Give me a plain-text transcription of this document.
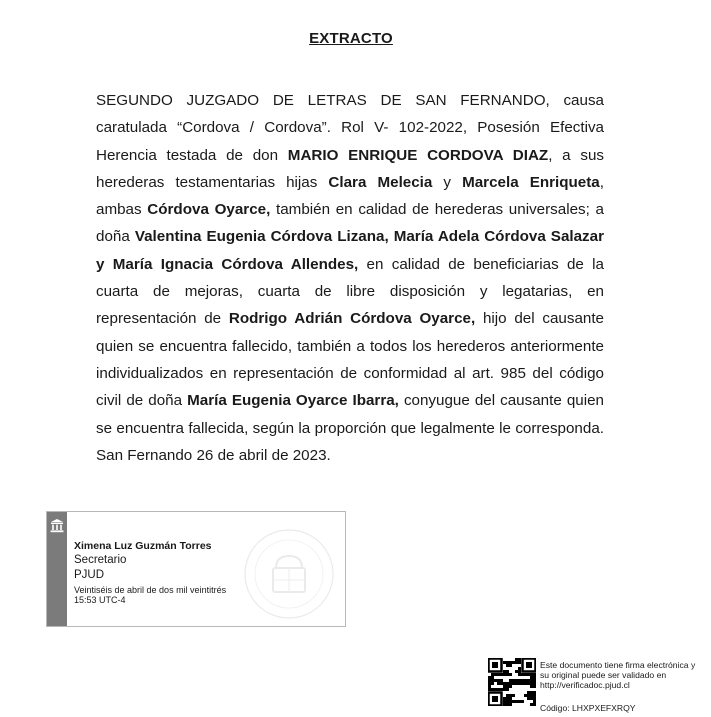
EXTRACTO
SEGUNDO JUZGADO DE LETRAS DE SAN FERNANDO, causa caratulada “Cordova / Cordova”. Rol V- 102-2022, Posesión Efectiva Herencia testada de don MARIO ENRIQUE CORDOVA DIAZ, a sus herederas testamentarias hijas Clara Melecia y Marcela Enriqueta, ambas Córdova Oyarce, también en calidad de herederas universales; a doña Valentina Eugenia Córdova Lizana, María Adela Córdova Salazar y María Ignacia Córdova Allendes, en calidad de beneficiarias de la cuarta de mejoras, cuarta de libre disposición y legatarias, en representación de Rodrigo Adrián Córdova Oyarce, hijo del causante quien se encuentra fallecido, también a todos los herederos anteriormente individualizados en representación de conformidad al art. 985 del código civil de doña María Eugenia Oyarce Ibarra, conyugue del causante quien se encuentra fallecida, según la proporción que legalmente le corresponda. San Fernando 26 de abril de 2023.
Ximena Luz Guzmán Torres
Secretario
PJUD
Veintiséis de abril de dos mil veintitrés
15:53 UTC-4
Este documento tiene firma electrónica y su original puede ser validado en http://verificadoc.pjud.cl
Código: LHXPXEFXRQY
